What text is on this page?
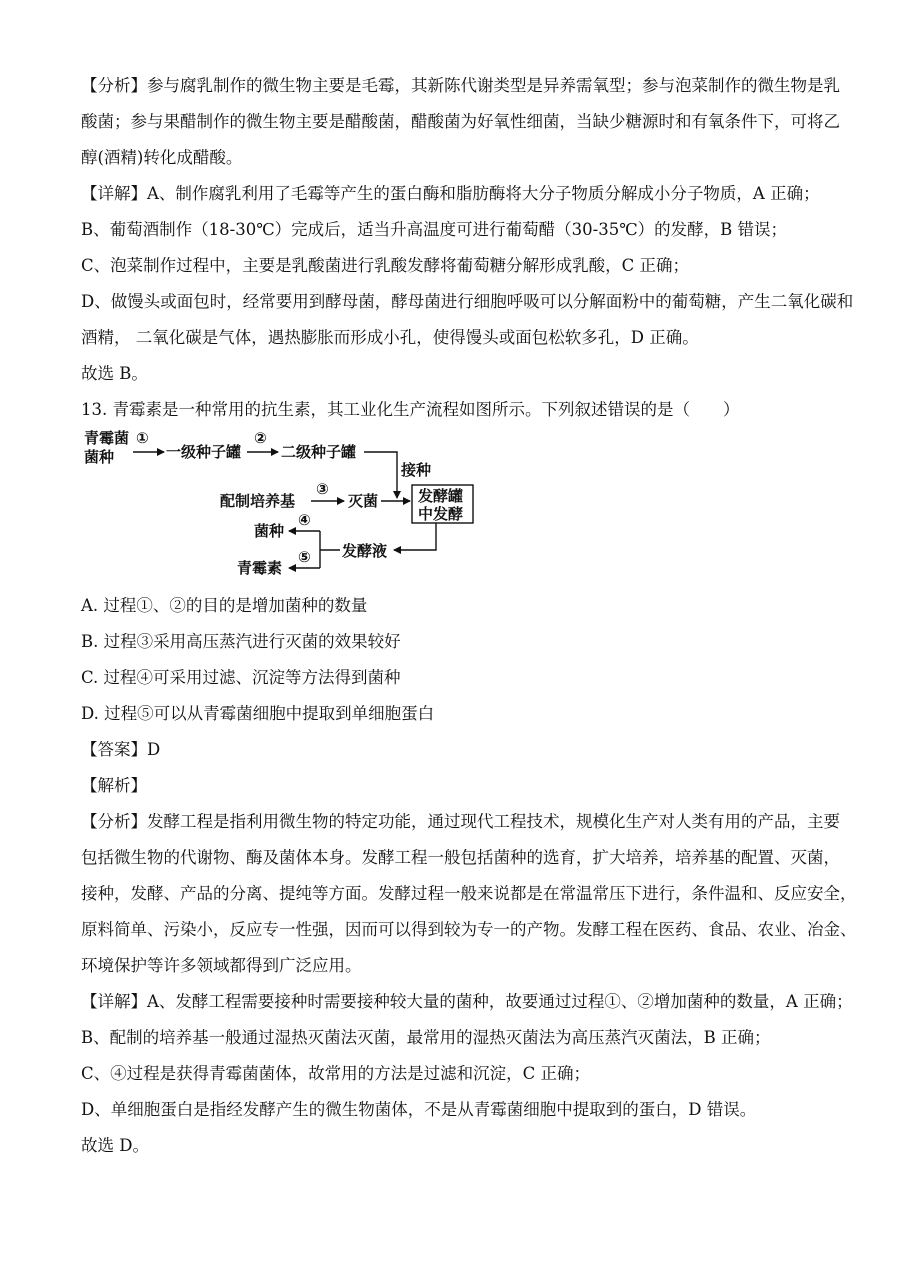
【分析】参与腐乳制作的微生物主要是毛霉，其新陈代谢类型是异养需氧型；参与泡菜制作的微生物是乳
酸菌；参与果醋制作的微生物主要是醋酸菌，醋酸菌为好氧性细菌，当缺少糖源时和有氧条件下，可将乙
醇(酒精)转化成醋酸。
【详解】A、制作腐乳利用了毛霉等产生的蛋白酶和脂肪酶将大分子物质分解成小分子物质，A 正确；
B、葡萄酒制作（18-30℃）完成后，适当升高温度可进行葡萄醋（30-35℃）的发酵，B 错误；
C、泡菜制作过程中，主要是乳酸菌进行乳酸发酵将葡萄糖分解形成乳酸，C 正确；
D、做馒头或面包时，经常要用到酵母菌，酵母菌进行细胞呼吸可以分解面粉中的葡萄糖，产生二氧化碳和
酒精， 二氧化碳是气体，遇热膨胀而形成小孔，使得馒头或面包松软多孔，D 正确。
故选 B。
13. 青霉素是一种常用的抗生素，其工业化生产流程如图所示。下列叙述错误的是（　　）
青霉菌
菌种
①
一级种子罐
②
二级种子罐
接种
配制培养基
③
灭菌	发酵罐
中发酵
发酵液
④
⑤
菌种
青霉素
A. 过程①、②的目的是增加菌种的数量
B. 过程③采用高压蒸汽进行灭菌的效果较好
C. 过程④可采用过滤、沉淀等方法得到菌种
D. 过程⑤可以从青霉菌细胞中提取到单细胞蛋白
【答案】D
【解析】
【分析】发酵工程是指利用微生物的特定功能，通过现代工程技术，规模化生产对人类有用的产品，主要
包括微生物的代谢物、酶及菌体本身。发酵工程一般包括菌种的选育，扩大培养，培养基的配置、灭菌，
接种，发酵、产品的分离、提纯等方面。发酵过程一般来说都是在常温常压下进行，条件温和、反应安全，
原料简单、污染小，反应专一性强，因而可以得到较为专一的产物。发酵工程在医药、食品、农业、冶金、
环境保护等许多领域都得到广泛应用。
【详解】A、发酵工程需要接种时需要接种较大量的菌种，故要通过过程①、②增加菌种的数量，A 正确；
B、配制的培养基一般通过湿热灭菌法灭菌，最常用的湿热灭菌法为高压蒸汽灭菌法，B 正确；
C、④过程是获得青霉菌菌体，故常用的方法是过滤和沉淀，C 正确；
D、单细胞蛋白是指经发酵产生的微生物菌体，不是从青霉菌细胞中提取到的蛋白，D 错误。
故选 D。
